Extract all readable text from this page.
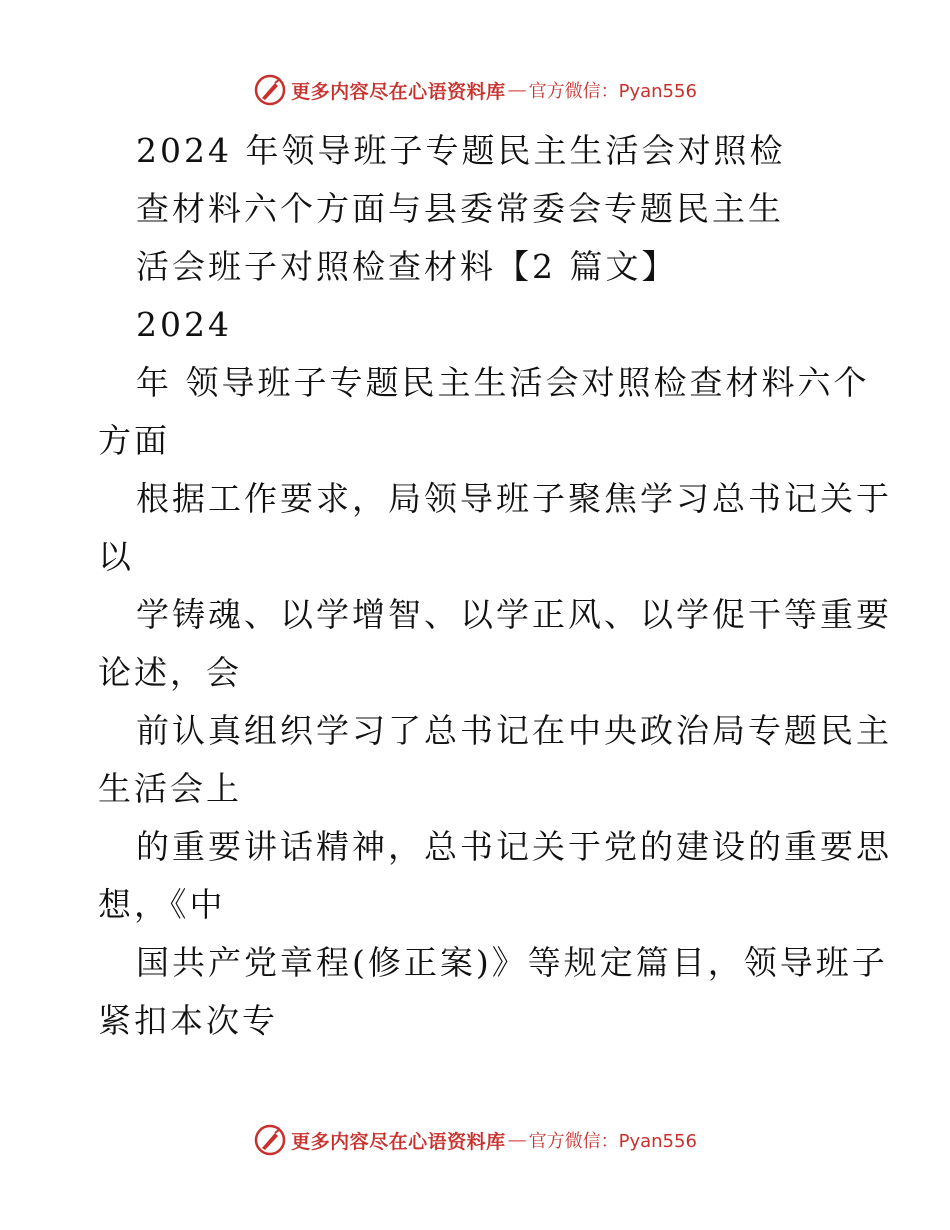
更多内容尽在心语资料库 — 官方微信：Pyan556
2024 年领导班子专题民主生活会对照检
查材料六个方面与县委常委会专题民主生
活会班子对照检查材料【2 篇文】
2024
年 领导班子专题民主生活会对照检查材料六个
方面
根据工作要求，局领导班子聚焦学习总书记关于
以
学铸魂、以学增智、以学正风、以学促干等重要
论述，会
前认真组织学习了总书记在中央政治局专题民主
生活会上
的重要讲话精神，总书记关于党的建设的重要思
想，《中
国共产党章程(修正案)》等规定篇目，领导班子
紧扣本次专
更多内容尽在心语资料库 — 官方微信：Pyan556
